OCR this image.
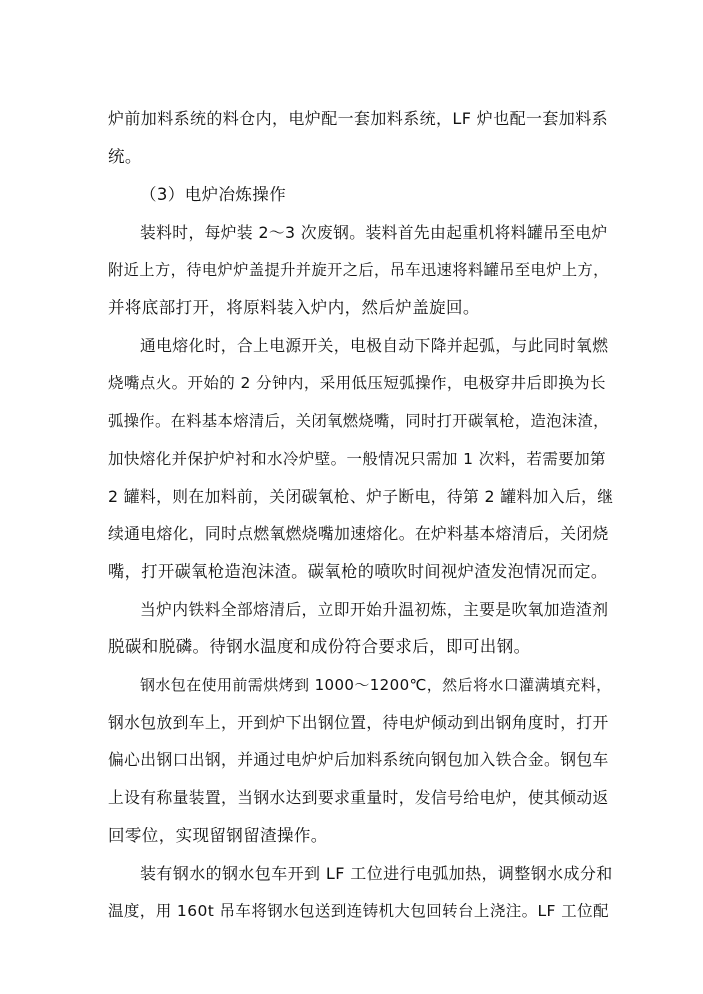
炉前加料系统的料仓内，电炉配一套加料系统，LF 炉也配一套加料系
统。
（3）电炉冶炼操作
装料时，每炉装 2～3 次废钢。装料首先由起重机将料罐吊至电炉
附近上方，待电炉炉盖提升并旋开之后，吊车迅速将料罐吊至电炉上方，
并将底部打开，将原料装入炉内，然后炉盖旋回。
通电熔化时，合上电源开关，电极自动下降并起弧，与此同时氧燃
烧嘴点火。开始的 2 分钟内，采用低压短弧操作，电极穿井后即换为长
弧操作。在料基本熔清后，关闭氧燃烧嘴，同时打开碳氧枪，造泡沫渣，
加快熔化并保护炉衬和水冷炉壁。一般情况只需加 1 次料，若需要加第
2 罐料，则在加料前，关闭碳氧枪、炉子断电，待第 2 罐料加入后，继
续通电熔化，同时点燃氧燃烧嘴加速熔化。在炉料基本熔清后，关闭烧
嘴，打开碳氧枪造泡沫渣。碳氧枪的喷吹时间视炉渣发泡情况而定。
当炉内铁料全部熔清后，立即开始升温初炼，主要是吹氧加造渣剂
脱碳和脱磷。待钢水温度和成份符合要求后，即可出钢。
钢水包在使用前需烘烤到 1000～1200℃，然后将水口灌满填充料，
钢水包放到车上，开到炉下出钢位置，待电炉倾动到出钢角度时，打开
偏心出钢口出钢，并通过电炉炉后加料系统向钢包加入铁合金。钢包车
上设有称量装置，当钢水达到要求重量时，发信号给电炉，使其倾动返
回零位，实现留钢留渣操作。
装有钢水的钢水包车开到 LF 工位进行电弧加热，调整钢水成分和
温度，用 160t 吊车将钢水包送到连铸机大包回转台上浇注。LF 工位配
